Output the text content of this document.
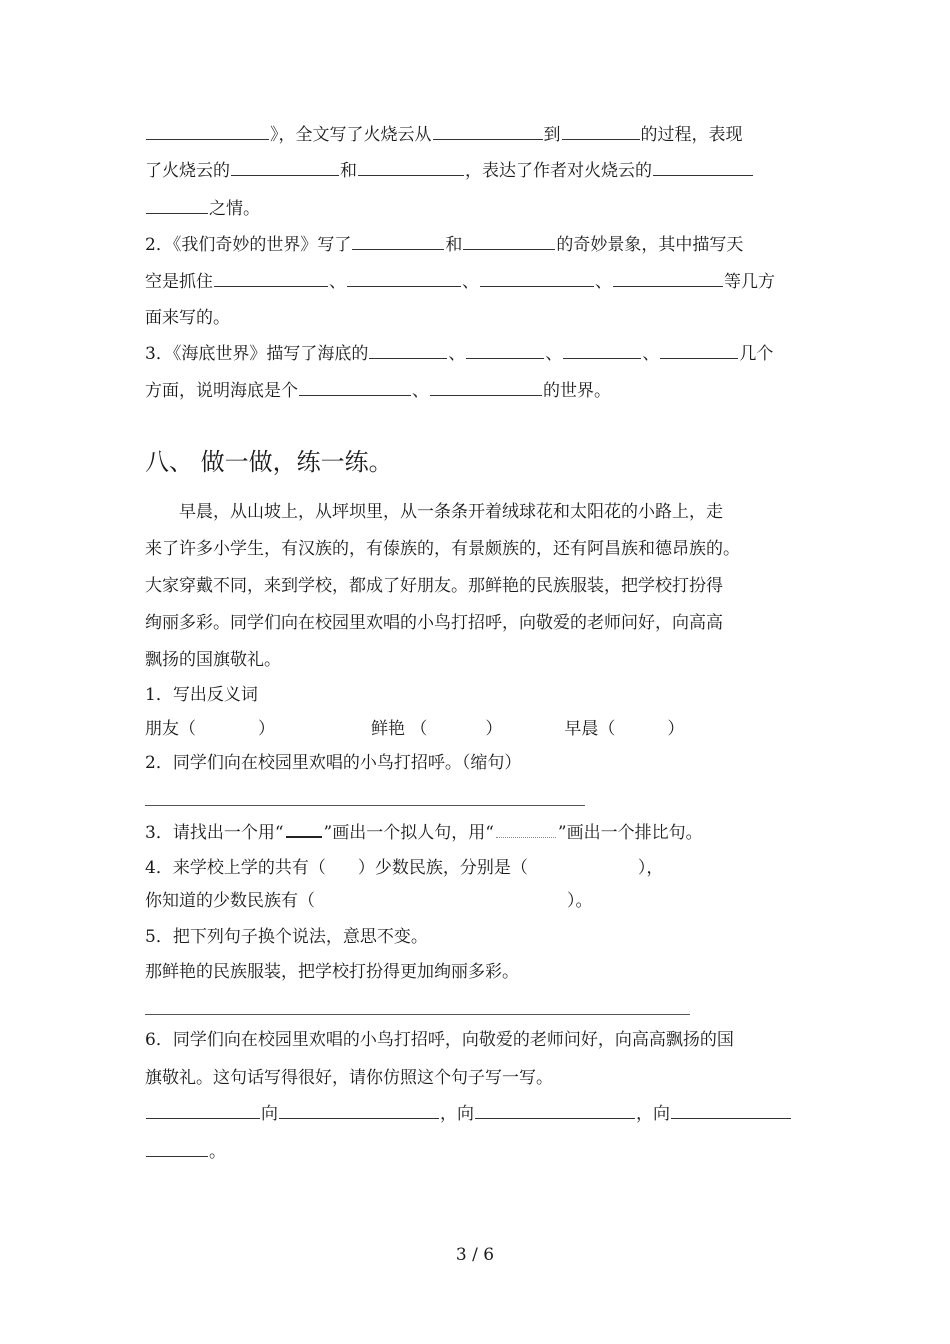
》，全文写了火烧云从	到	的过程，表现
了火烧云的	和	，表达了作者对火烧云的
之情。
2．《我们奇妙的世界》写了	和	的奇妙景象，其中描写天
空是抓住	、	、	、	等几方
面来写的。
3．《海底世界》描写了海底的	、	、	、	几个
方面，说明海底是个	、	的世界。
八、 做一做，练一练。
　　早晨，从山坡上，从坪坝里，从一条条开着绒球花和太阳花的小路上，走
来了许多小学生，有汉族的，有傣族的，有景颇族的，还有阿昌族和德昂族的。
大家穿戴不同，来到学校，都成了好朋友。那鲜艳的民族服装，把学校打扮得
绚丽多彩。同学们向在校园里欢唱的小鸟打招呼，向敬爱的老师问好，向高高
飘扬的国旗敬礼。
1．写出反义词
朋友（	）	鲜艳 （	）	早晨（	）
2．同学们向在校园里欢唱的小鸟打招呼。（缩句）
3．请找出一个用“ ”画出一个拟人句，用“	”画出一个排比句。
4．来学校上学的共有（ ）少数民族，分别是（	），
你知道的少数民族有（	）。
5．把下列句子换个说法，意思不变。
那鲜艳的民族服装，把学校打扮得更加绚丽多彩。
6．同学们向在校园里欢唱的小鸟打招呼，向敬爱的老师问好，向高高飘扬的国
旗敬礼。这句话写得很好，请你仿照这个句子写一写。
向	，向	，向
。
3 / 6
